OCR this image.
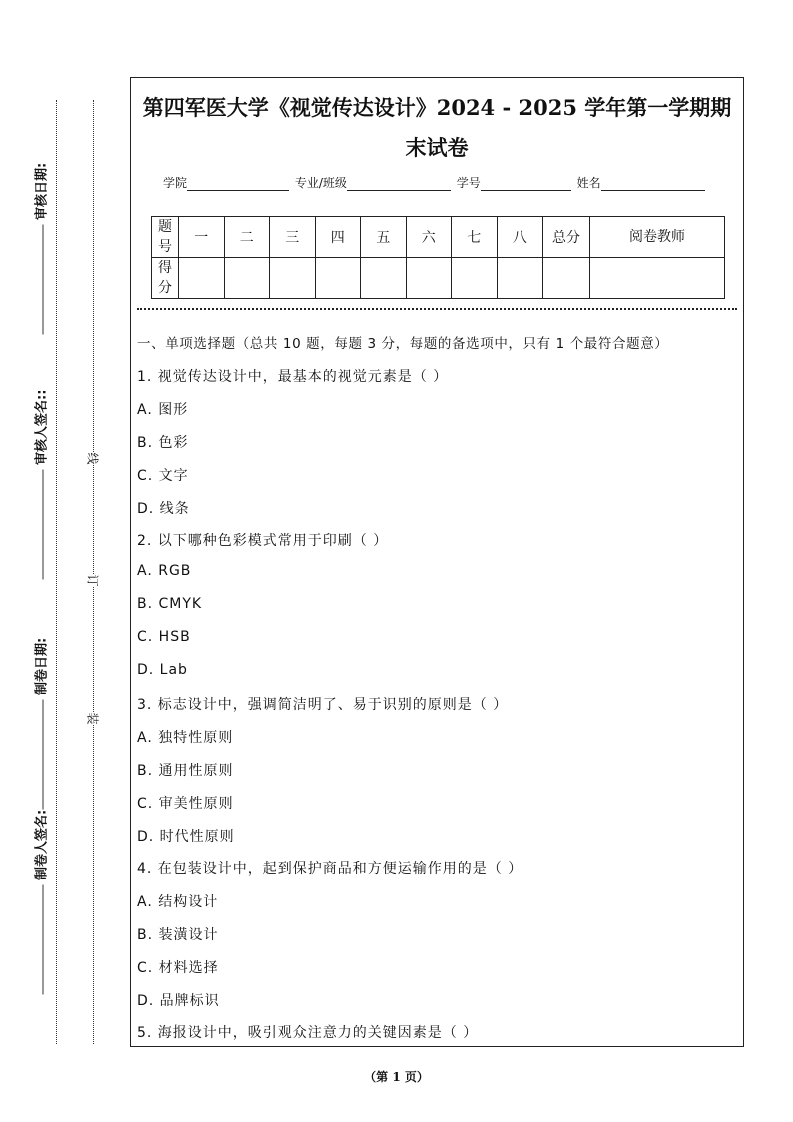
审核日期:
审核人签名::
制卷日期:
制卷人签名:
线
订
装
第四军医大学《视觉传达设计》2024 - 2025 学年第一学期期末试卷
学院	专业/班级	学号	姓名
题号	一	二	三	四	五	六	七	八	总分	阅卷教师
得分										
一、单项选择题（总共 10 题，每题 3 分，每题的备选项中，只有 1 个最符合题意）
1. 视觉传达设计中，最基本的视觉元素是（ ）
A. 图形
B. 色彩
C. 文字
D. 线条
2. 以下哪种色彩模式常用于印刷（ ）
A. RGB
B. CMYK
C. HSB
D. Lab
3. 标志设计中，强调简洁明了、易于识别的原则是（ ）
A. 独特性原则
B. 通用性原则
C. 审美性原则
D. 时代性原则
4. 在包装设计中，起到保护商品和方便运输作用的是（ ）
A. 结构设计
B. 装潢设计
C. 材料选择
D. 品牌标识
5. 海报设计中，吸引观众注意力的关键因素是（ ）
（第 1 页）
